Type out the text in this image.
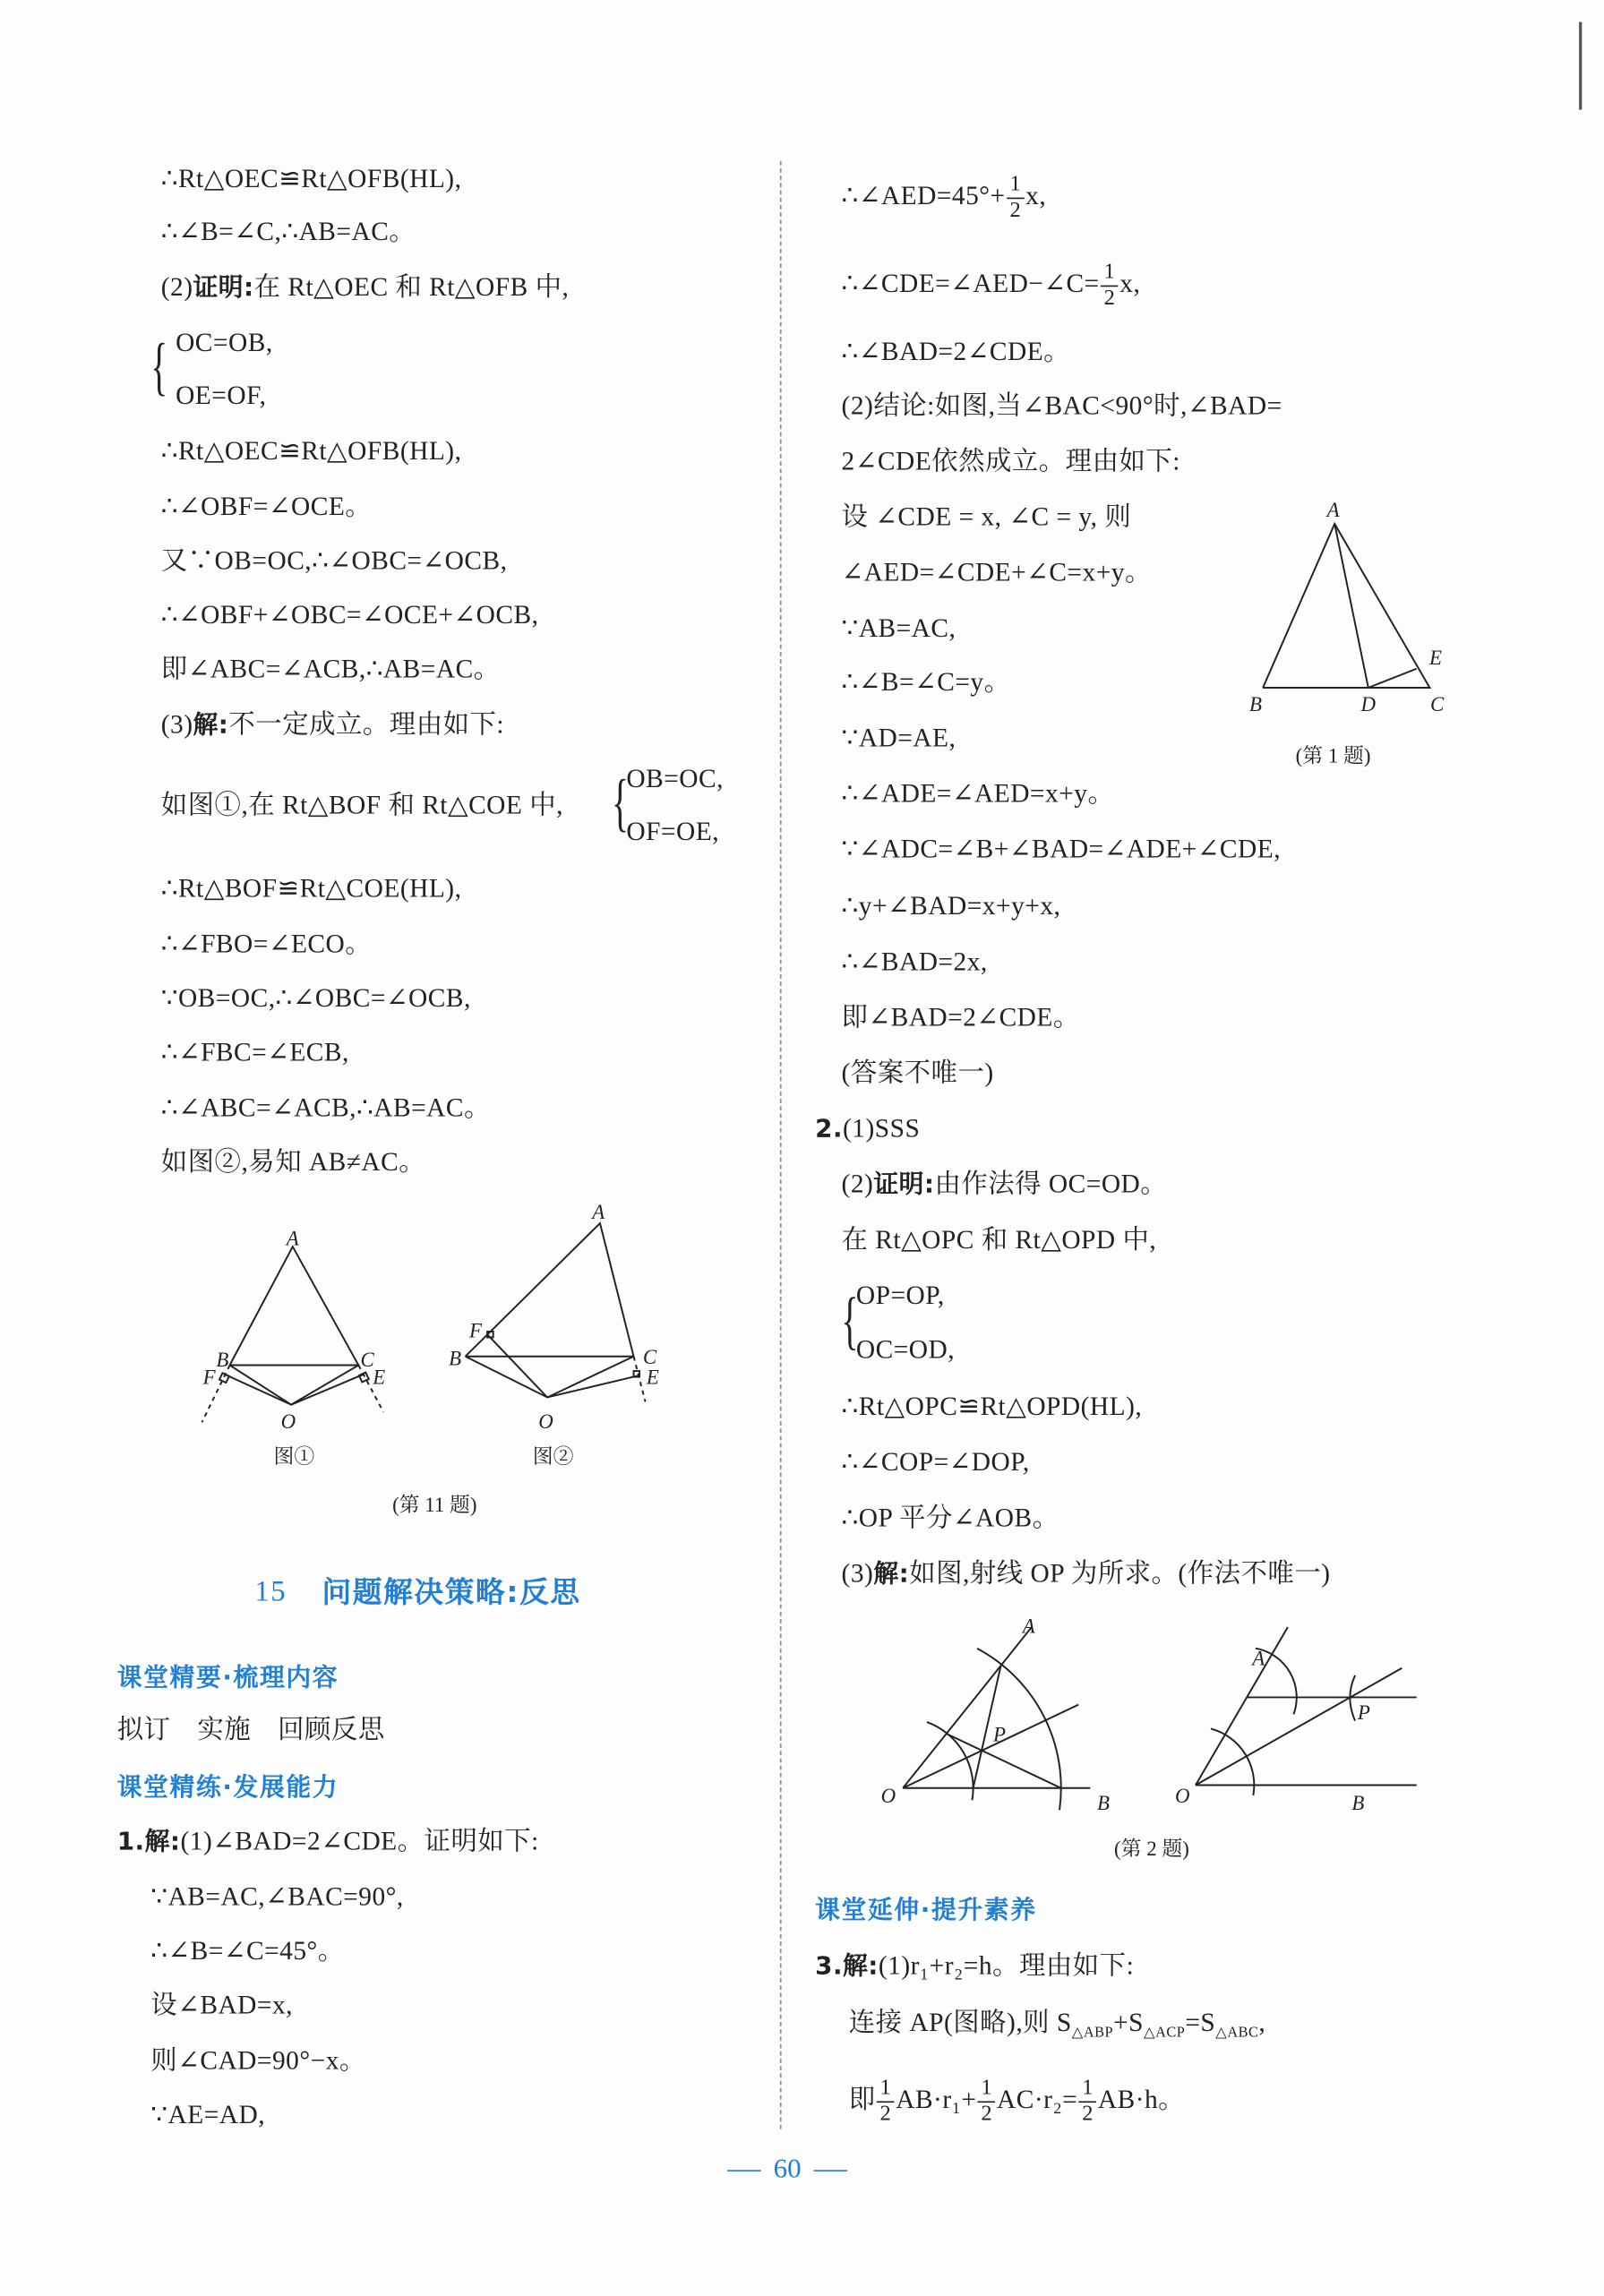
∴Rt△OEC≌Rt△OFB(HL),
∴∠B=∠C,∴AB=AC。
(2)证明:在 Rt△OEC 和 Rt△OFB 中,
OC=OB,
OE=OF,
∴Rt△OEC≌Rt△OFB(HL),
∴∠OBF=∠OCE。
又∵OB=OC,∴∠OBC=∠OCB,
∴∠OBF+∠OBC=∠OCE+∠OCB,
即∠ABC=∠ACB,∴AB=AC。
(3)解:不一定成立。理由如下:
如图①,在 Rt△BOF 和 Rt△COE 中,
OB=OC,
OF=OE,
∴Rt△BOF≌Rt△COE(HL),
∴∠FBO=∠ECO。
∵OB=OC,∴∠OBC=∠OCB,
∴∠FBC=∠ECB,
∴∠ABC=∠ACB,∴AB=AC。
如图②,易知 AB≠AC。
拟订　实施　回顾反思
1.解:(1)∠BAD=2∠CDE。证明如下:
∵AB=AC,∠BAC=90°,
∴∠B=∠C=45°。
设∠BAD=x,
则∠CAD=90°−x。
∵AE=AD,
∴∠AED=45°+ $\frac{1}{2} x$,
∴∠CDE=∠AED−∠C= $\frac{1}{2} x$,
∴∠BAD=2∠CDE。
(2)结论:如图,当∠BAC<90°时,∠BAD=
2∠CDE依然成立。理由如下:
设 ∠CDE = x, ∠C = y, 则
∠AED=∠CDE+∠C=x+y。
∵AB=AC,
∴∠B=∠C=y。
∵AD=AE,
∴∠ADE=∠AED=x+y。
∵∠ADC=∠B+∠BAD=∠ADE+∠CDE,
∴y+∠BAD=x+y+x,
∴∠BAD=2x,
即∠BAD=2∠CDE。
(答案不唯一)
2.(1)SSS
(2)证明:由作法得 OC=OD。
在 Rt△OPC 和 Rt△OPD 中,
OP=OP,
OC=OD,
∴Rt△OPC≌Rt△OPD(HL),
∴∠COP=∠DOP,
∴OP 平分∠AOB。
(3)解:如图,射线 OP 为所求。(作法不唯一)
3.解:(1)r₁+r₂=h。理由如下:
连接 AP(图略),则 $S_{\triangle ABP}+S_{\triangle ACP}=S_{\triangle ABC}$,
即 $\frac{1}{2} AB\cdot r_1+ \frac{1}{2} AC\cdot r_2= \frac{1}{2} AB\cdot h$。
{
{
{
15 问题解决策略:反思
课堂精要·梳理内容
课堂精练·发展能力
课堂延伸·提升素养
图①	图②
(第 11 题)
(第 1 题)
(第 2 题)
60
A
B	C
F	E
O
A
B	C
F
E
O
A
B	D	C
E
A
P
O	B
A
P
O	B
